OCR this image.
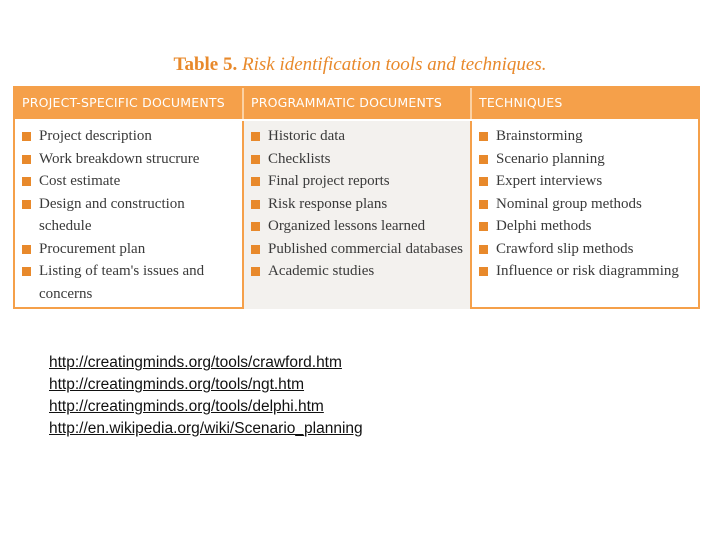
Table 5. Risk identification tools and techniques.
PROJECT-SPECIFIC DOCUMENTS	PROGRAMMATIC DOCUMENTS	TECHNIQUES
Project description
Work breakdown strucrure
Cost estimate
Design and construction schedule
Procurement plan
Listing of team's issues and concerns
Historic data
Checklists
Final project reports
Risk response plans
Organized lessons learned
Published commercial databases
Academic studies
Brainstorming
Scenario planning
Expert interviews
Nominal group methods
Delphi methods
Crawford slip methods
Influence or risk diagramming
http://creatingminds.org/tools/crawford.htm
http://creatingminds.org/tools/ngt.htm
http://creatingminds.org/tools/delphi.htm
http://en.wikipedia.org/wiki/Scenario_planning
